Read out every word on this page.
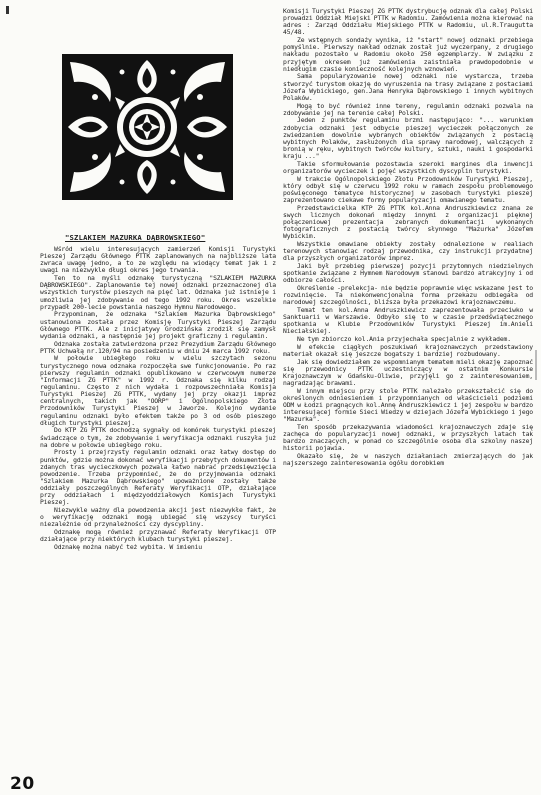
"SZLAKIEM MAZURKA DĄBROWSKIEGO"

Wśród wielu interesujących zamierzeń Komisji Turystyki Pieszej Zarządu Głównego PTTK zaplanowanych na najbliższe lata zwraca uwagę jedno, a to ze względu na wiodący temat jak i z uwagi na niezwykle długi okres jego trwania.

Ten to na myśli odznakę turystyczną "SZLAKIEM MAZURKA DĄBROWSKIEGO". Zaplanowanie tej nowej odznaki przeznaczonej dla wszystkich turystów pieszych na pięć lat. Odznaka już istnieje i umożliwia jej zdobywanie od tego 1992 roku. Okres wszelkie przypadł 200-lecie powstania naszego Hymnu Narodowego.

Przypominam, że odznaka "Szlakiem Mazurka Dąbrowskiego" ustanowiona została przez Komisję Turystyki Pieszej Zarządu Głównego PTTK. Ale z inicjatywy Grodzińska zrodził się zamysł wydania odznaki, a następnie jej projekt graficzny i regulamin.

Odznaka została zatwierdzona przez Prezydium Zarządu Głównego PTTK Uchwałą nr.120/94 na posiedzeniu w dniu 24 marca 1992 roku.

W połowie ubiegłego roku w wielu szczytach sezonu turystycznego nowa odznaka rozpoczęła swe funkcjonowanie. Po raz pierwszy regulamin odznaki opublikowano w czerwcowym numerze "Informacji ZG PTTK" w 1992 r. Odznaka się kilku rodzaj regulaminu. Często z nich wydała i rozpowszechniała Komisja Turystyki Pieszej ZG PTTK, wydany jej przy okazji imprez centralnych, takich jak "OORP" i Ogólnopolskiego Złota Przodowników Turystyki Pieszej w Jaworze. Kolejno wydanie regulaminu odznaki było efektem także po 3 od osób pieszego długich turystyki pieszej.

Do KTP ZG PTTK dochodzą sygnały od komórek turystyki pieszej świadczące o tym, że zdobywanie i weryfikacja odznaki ruszyła już na dobre w połowie ubiegłego roku.

Prosty i przejrzysty regulamin odznaki oraz łatwy dostęp do punktów, gdzie można dokonać weryfikacji przebytych dokumentów i zdanych tras wycieczkowych pozwala łatwo nabrać przedsięwzięcia powodzenie. Trzeba przypomnieć, że do przyjmowania odznaki "Szlakiem Mazurka Dąbrowskiego" upoważnione zostały także oddziały poszczególnych Referaty Weryfikacji OTP, działające przy oddziałach i międzyoddziałowych Komisjach Turystyki Pieszej.

Niezwykle ważny dla powodzenia akcji jest niezwykłe fakt, że o weryfikację odznaki mogą ubiegać się wszyscy turyści niezależnie od przynależności czy dyscypliny.

Odznakę mogą również przyznawać Referaty Weryfikacji OTP działające przy niektórych klubach turystyki pieszej.

Odznakę można nabyć też wybita. W imieniu

Komisji Turystyki Pieszej ZG PTTK dystrybucję odznak dla całej Polski prowadzi Oddział Miejski PTTK w Radomiu. Zamówienia można kierować na adres : Zarząd Oddziału Miejskiego PTTK w Radomiu, ul.R.Traugutta 45/48.

Ze wstępnych sondaży wynika, iż "start" nowej odznaki przebiega pomyślnie. Pierwszy nakład odznak został już wyczerpany, z drugiego nakładu pozostało w Radomiu około 250 egzemplarzy. W związku z przyjętym okresem już zamówienia zaistniała prawdopodobnie w niedługim czasie konieczność kolejnych wznowień.

Sama popularyzowanie nowej odznaki nie wystarcza, trzeba stworzyć turystom okazję do wyruszenia na trasy związane z postaciami Józefa Wybickiego, gen.Jana Henryka Dąbrowskiego i innych wybitnych Polaków.

Mogą to być również inne tereny, regulamin odznaki pozwala na zdobywanie jej na terenie całej Polski.

Jeden z punktów regulaminu brzmi następująco: "... warunkiem zdobycia odznaki jest odbycie pieszej wycieczek połączonych ze zwiedzaniem dowolnie wybranych obiektów związanych z postacią wybitnych Polaków, zasłużonych dla sprawy narodowej, walczących z bronią w ręku, wybitnych twórców kultury, sztuki, nauki i gospodarki kraju ..."

Takie sformułowanie pozostawia szeroki margines dla inwencji organizatorów wycieczek i pojęć wszystkich dyscyplin turystyki.

W trakcie Ogólnopolskiego Złotu Przodowników Turystyki Pieszej, który odbył się w czerwcu 1992 roku w ramach zespołu problemowego poświęconego tematyce historycznej w zasobach turystyki pieszej zaprezentowano ciekawe formy popularyzacji omawianego tematu.

Przedstawicielka KTP ZG PTTK kol.Anna Andruszkiewicz znana ze swych licznych dokonań między innymi z organizacji pięknej połączeniowej prezentacja zebranych dokumentacji wykonanych fotograficznych z postacią twórcy słynnego "Mazurka" Józefem Wybickim.

Wszystkie omawiane obiekty zostały odnalezione w realiach terenowych stanowiąc rodzaj przewodnika, czy instrukcji przydatnej dla przyszłych organizatorów imprez.

Jaki był przebieg pierwszej pozycji przytomnych niedzielnych spotkanie związane z Hymnem Narodowym stanowi bardzo atrakcyjny i od odbiorze całości.

Określenie -prelekcja- nie będzie poprawnie więc wskazane jest to rozwinięcie. Ta niekonwencjonalna forma przekazu odbiegała od narodowej szczególności, bliższa była przekazowi krajoznawczemu.

Temat ten kol.Anna Andruszkiewicz zaprezentowała przeciwko w Sanktuarii w Warszawie. Odbyło się to w czasie przedświątecznego spotkania w Klubie Przodowników Turystyki Pieszej im.Anieli Nieciałskiej.

Ne tym zbiorczo kol.Ania przyjechała specjalnie z wykładem.

W efekcie ciągłych poszukiwań krajoznawczych przedstawiony materiał okazał się jeszcze bogatszy i bardziej rozbudowany.

Jak się dowiedziałem ze wspomnianym tematem mieli okazję zapoznać się przewodnicy PTTK uczestniczący w ostatnim Konkursie Krajoznawczym w Gdańsku-Oliwie, przyjęli go z zainteresowaniem, nagradzając brawami.

W innym miejscu przy stole PTTK należało przekształcić się do określonych odniesieniem i przypomnianych od właścicieli podziemi ODM w Łodzi pragnących kol.Annę Andruszkiewicz i jej zespołu w bardzo interesującej formie Sieci Wiedzy w dziejach Józefa Wybickiego i jego "Mazurka".

Ten sposób przekazywania wiadomości krajoznawczych zdaje się zachęca do popularyzacji nowej odznaki, w przyszłych latach tak bardzo znaczących, w ponad co szczególnie osoba dla szkolny naszej historii pojawia.

Okazało się, że w naszych działaniach zmierzających do jak najszerszego zainteresowania ogółu dorobkiem

20
